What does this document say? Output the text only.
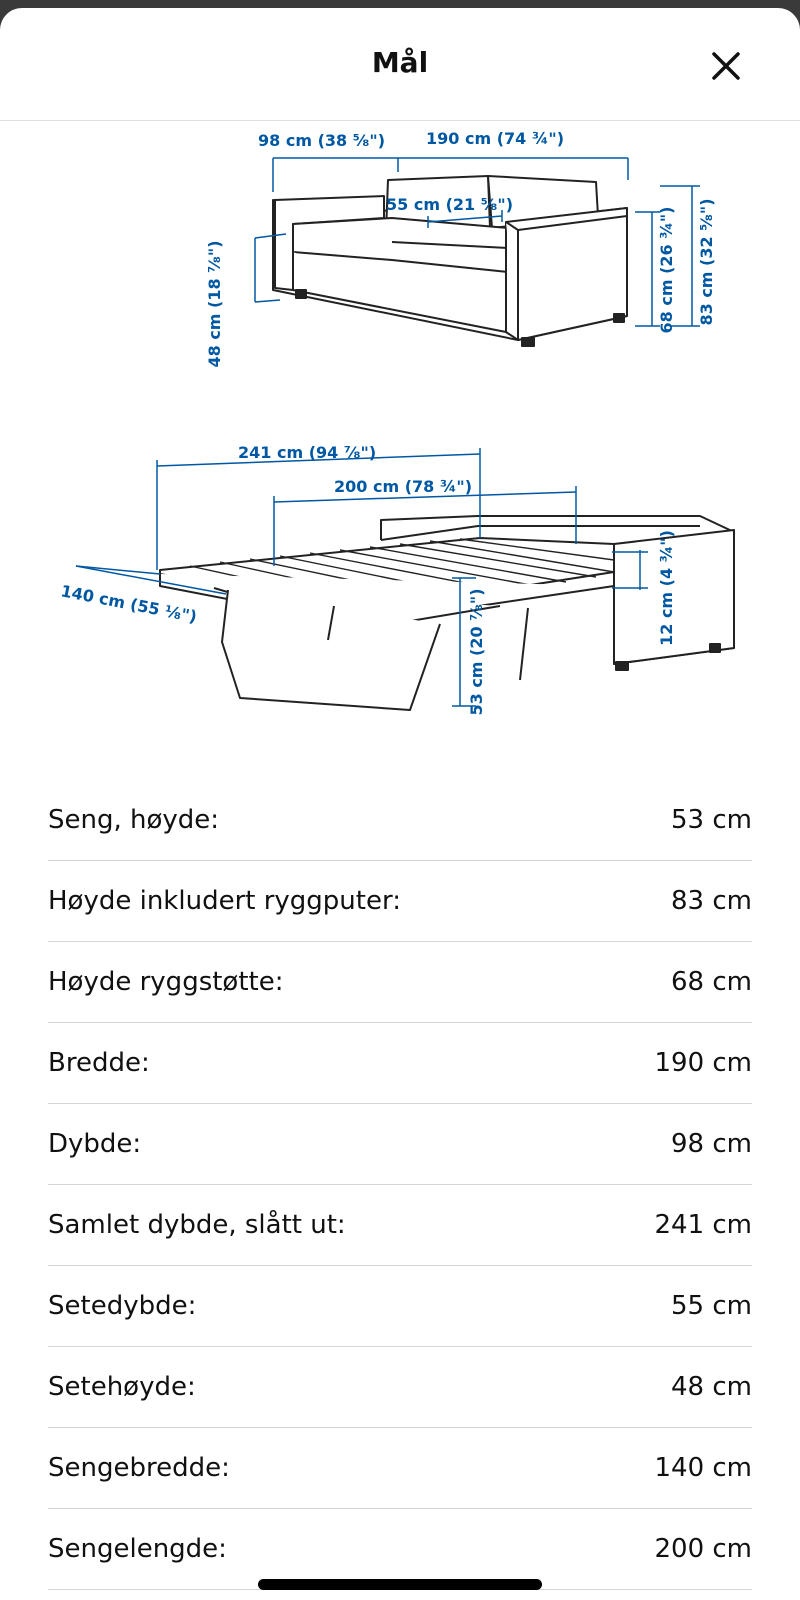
Mål
98 cm (38 ⁵⁄₈")	190 cm (74 ¾")
55 cm (21 ⁵⁄₈")
48 cm (18 ⁷⁄₈")	68 cm (26 ¾") 83 cm (32 ⁵⁄₈")
241 cm (94 ⁷⁄₈")
200 cm (78 ¾")
140 cm (55 ⅛")	12 cm (4 ¾")
53 cm (20 ⁷⁄₈")
Seng, høyde:	53 cm
Høyde inkludert ryggputer:	83 cm
Høyde ryggstøtte:	68 cm
Bredde:	190 cm
Dybde:	98 cm
Samlet dybde, slått ut:	241 cm
Setedybde:	55 cm
Setehøyde:	48 cm
Sengebredde:	140 cm
Sengelengde:	200 cm
